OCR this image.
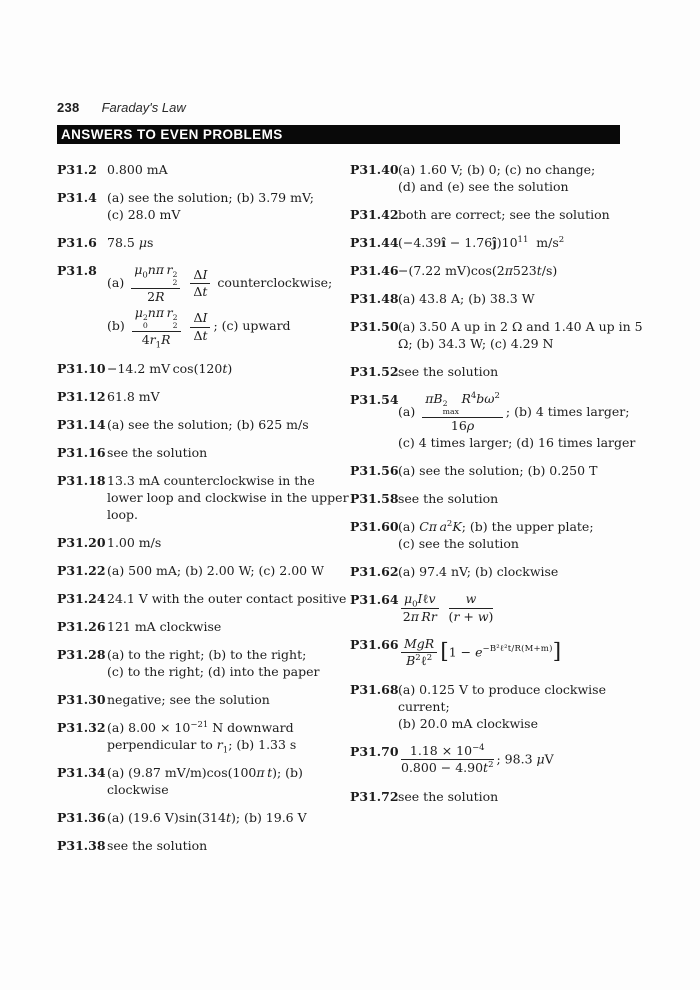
238 Faraday's Law
ANSWERS TO EVEN PROBLEMS
P31.2 0.800 mA
P31.4 (a) see the solution; (b) 3.79 mV;
(c) 28.0 mV
P31.6 78.5 μs
P31.8
(a) $\mu_0n\pi$  r 2
2
2R
$\frac{\Delta I}{\Delta t}$ counterclockwise;
(b) μ 2
0
nπ  r 2
2
$4r_1R$
$\frac{\Delta I}{\Delta t}$ ; (c) upward
P31.10 −14.2 mV cos(120t)
P31.12 61.8 mV
P31.14 (a) see the solution; (b) 625 m/s
P31.16 see the solution
P31.18 13.3 mA counterclockwise in the lower loop and clockwise in the upper loop.
P31.20 1.00 m/s
P31.22 (a) 500 mA; (b) 2.00 W; (c) 2.00 W
P31.24 24.1 V with the outer contact positive
P31.26 121 mA clockwise
P31.28 (a) to the right; (b) to the right;
(c) to the right; (d) into the paper
P31.30 negative; see the solution
P31.32 (a) $8.00 \times 10^{-21}$ N downward
perpendicular to $r_1$; (b) 1.33 s
P31.34 (a) (9.87 mV/m)cos(100π  t); (b) clockwise
P31.36 (a) (19.6 V)sin(314t); (b) 19.6 V
P31.38 see the solution
P31.40 (a) 1.60 V; (b) 0; (c) no change;
(d) and (e) see the solution
P31.42 both are correct; see the solution
P31.44 (−4.39î − $1.76ĵ)10^{11}$  $m/s^2$
P31.46 −(7.22 mV)cos(2π523t/s)
P31.48 (a) 43.8 A; (b) 38.3 W
P31.50 (a) 3.50 A up in 2 Ω and 1.40 A up in 5 Ω; (b) 34.3 W; (c) 4.29 N
P31.52 see the solution
P31.54
(a) πB 2
max
 $R^4b\omega^2$
16ρ ; (b) 4 times larger;
(c) 4 times larger; (d) 16 times larger
P31.56 (a) see the solution; (b) 0.250 T
P31.58 see the solution
P31.60 (a) Cπ  $a^2K$; (b) the upper plate;
(c) see the solution
P31.62 (a) 97.4 nV; (b) clockwise
$P31.64 \frac{\mu_0I\ell v}{\text{2π  Rr}}$
$\frac{w}{(r + w)}$
$P31.66 \frac{\text{MgR}}{B^2\ell^2} [1 - e^{-B^2\ell^2t/R(M+m)}]$
P31.68 (a) 0.125 V to produce clockwise current;
(b) 20.0 mA clockwise
$P31.70 \frac{1.18 \times 10^{-4}}{0.800 - 4.90t^2}$ ; 98.3 μV
P31.72 see the solution
